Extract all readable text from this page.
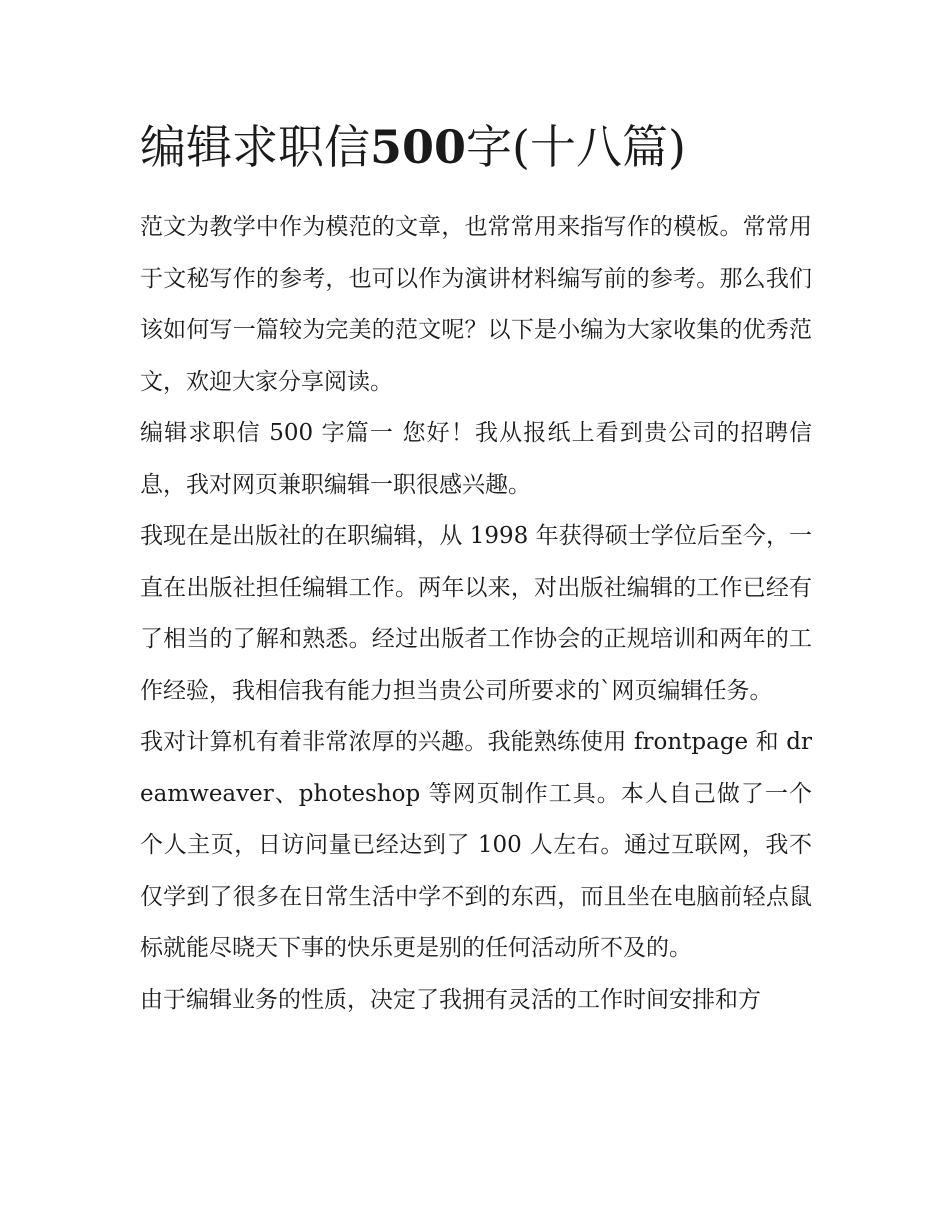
编辑求职信500字(十八篇)

范文为教学中作为模范的文章，也常常用来指写作的模板。常常用于文秘写作的参考，也可以作为演讲材料编写前的参考。那么我们该如何写一篇较为完美的范文呢？以下是小编为大家收集的优秀范文，欢迎大家分享阅读。

编辑求职信 500 字篇一 您好！我从报纸上看到贵公司的招聘信息，我对网页兼职编辑一职很感兴趣。

我现在是出版社的在职编辑，从 1998 年获得硕士学位后至今，一直在出版社担任编辑工作。两年以来，对出版社编辑的工作已经有了相当的了解和熟悉。经过出版者工作协会的正规培训和两年的工作经验，我相信我有能力担当贵公司所要求的`网页编辑任务。

我对计算机有着非常浓厚的兴趣。我能熟练使用 frontpage 和 dreamweaver、photeshop 等网页制作工具。本人自己做了一个个人主页，日访问量已经达到了 100 人左右。通过互联网，我不仅学到了很多在日常生活中学不到的东西，而且坐在电脑前轻点鼠标就能尽晓天下事的快乐更是别的任何活动所不及的。

由于编辑业务的性质，决定了我拥有灵活的工作时间安排和方
